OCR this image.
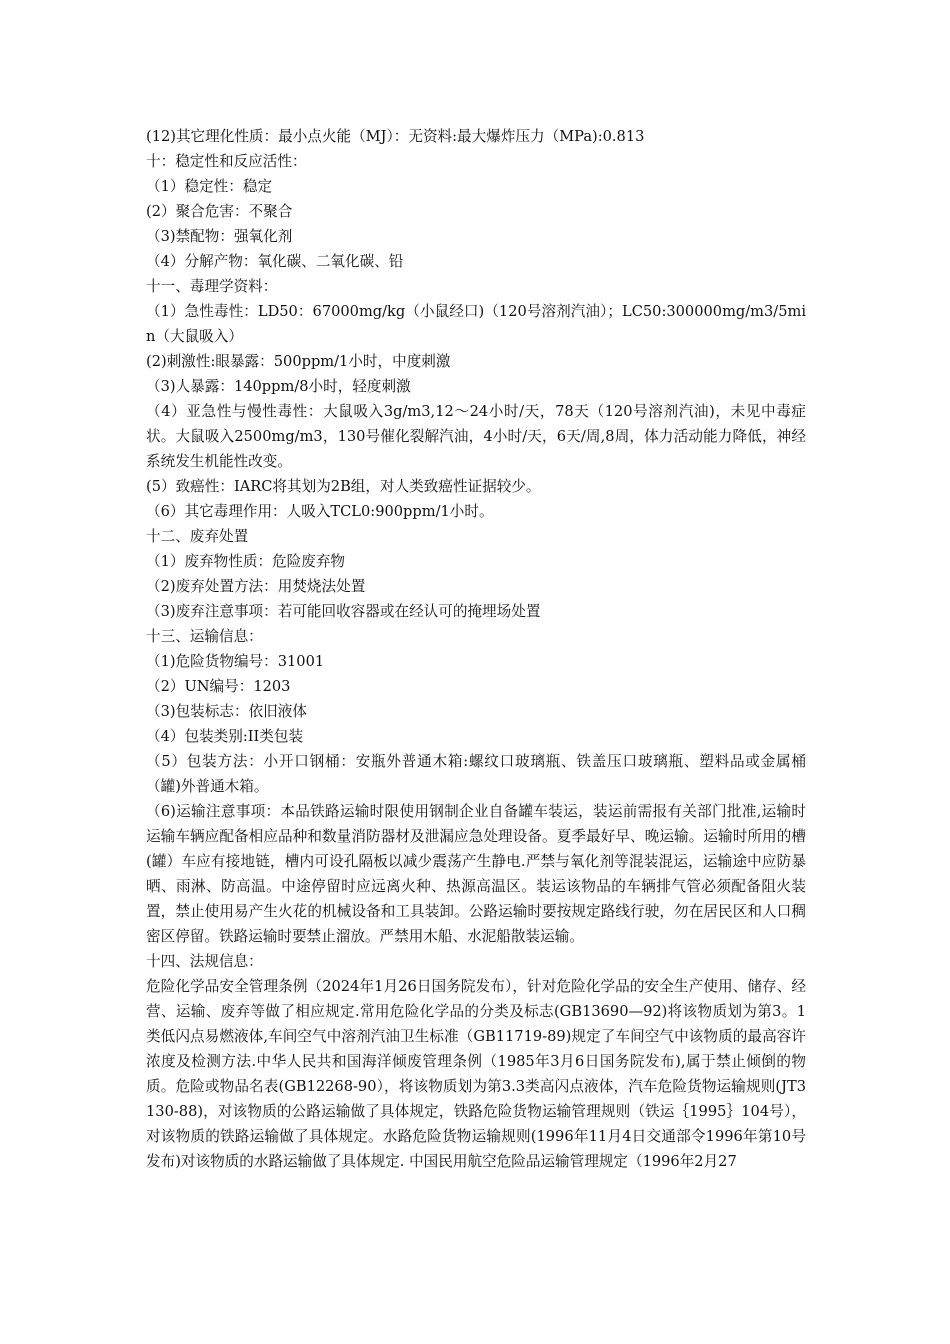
(12)其它理化性质：最小点火能（MJ）：无资料:最大爆炸压力（MPa):0.813
十：稳定性和反应活性：
（1）稳定性：稳定
(2）聚合危害：不聚合
（3)禁配物：强氧化剂
（4）分解产物：氧化碳、二氧化碳、铅
十一、毒理学资料：
（1）急性毒性：LD50：67000mg/kg（小鼠经口)（120号溶剂汽油）；LC50:300000mg/m3/5min（大鼠吸入）
(2)刺激性:眼暴露：500ppm/1小时，中度刺激
（3)人暴露：140ppm/8小时，轻度刺激
（4）亚急性与慢性毒性：大鼠吸入3g/m3,12～24小时/天，78天（120号溶剂汽油)，未见中毒症状。大鼠吸入2500mg/m3，130号催化裂解汽油，4小时/天，6天/周,8周，体力活动能力降低，神经系统发生机能性改变。
(5）致癌性：IARC将其划为2B组，对人类致癌性证据较少。
（6）其它毒理作用：人吸入TCL0:900ppm/1小时。
十二、废弃处置
（1）废弃物性质：危险废弃物
（2)废弃处置方法：用焚烧法处置
（3)废弃注意事项：若可能回收容器或在经认可的掩埋场处置
十三、运输信息：
（1)危险货物编号：31001
（2）UN编号：1203
（3)包装标志：依旧液体
（4）包装类别:II类包装
（5）包装方法：小开口钢桶：安瓶外普通木箱:螺纹口玻璃瓶、铁盖压口玻璃瓶、塑料品或金属桶（罐)外普通木箱。
（6)运输注意事项：本品铁路运输时限使用钢制企业自备罐车装运，装运前需报有关部门批准,运输时运输车辆应配备相应品种和数量消防器材及泄漏应急处理设备。夏季最好早、晚运输。运输时所用的槽(罐）车应有接地链，槽内可设孔隔板以减少震荡产生静电.严禁与氧化剂等混装混运，运输途中应防暴晒、雨淋、防高温。中途停留时应远离火种、热源高温区。装运该物品的车辆排气管必须配备阻火装置，禁止使用易产生火花的机械设备和工具装卸。公路运输时要按规定路线行驶，勿在居民区和人口稠密区停留。铁路运输时要禁止溜放。严禁用木船、水泥船散装运输。
十四、法规信息：
危险化学品安全管理条例（2024年1月26日国务院发布），针对危险化学品的安全生产使用、储存、经营、运输、废弃等做了相应规定.常用危险化学品的分类及标志(GB13690—92)将该物质划为第3。1类低闪点易燃液体,车间空气中溶剂汽油卫生标准（GB11719-89)规定了车间空气中该物质的最高容许浓度及检测方法.中华人民共和国海洋倾废管理条例（1985年3月6日国务院发布),属于禁止倾倒的物质。危险或物品名表(GB12268-90），将该物质划为第3.3类高闪点液体，汽车危险货物运输规则(JT3130-88)，对该物质的公路运输做了具体规定，铁路危险货物运输管理规则（铁运｛1995｝104号），对该物质的铁路运输做了具体规定。水路危险货物运输规则(1996年11月4日交通部令1996年第10号发布)对该物质的水路运输做了具体规定. 中国民用航空危险品运输管理规定（1996年2月27
